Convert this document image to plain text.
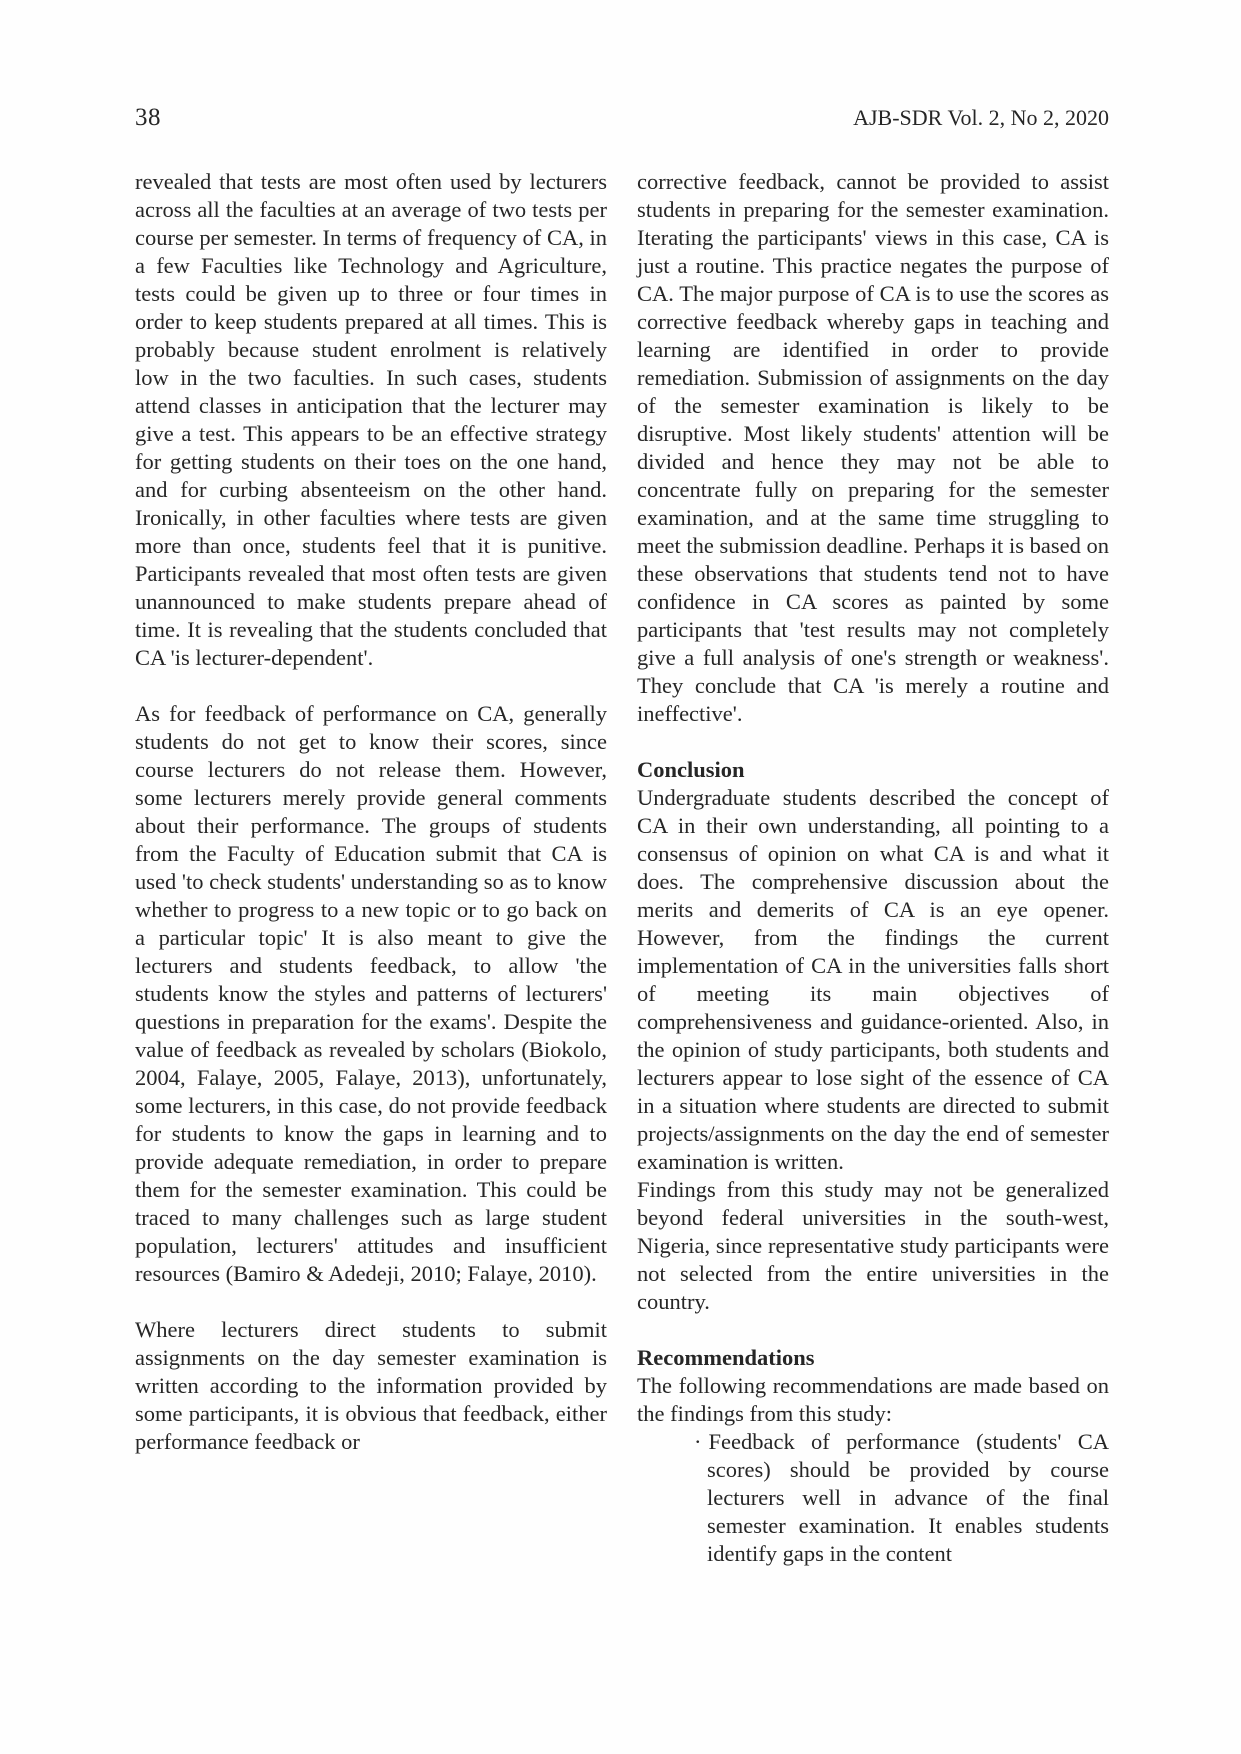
38	AJB-SDR Vol. 2, No 2, 2020

revealed that tests are most often used by lecturers across all the faculties at an average of two tests per course per semester. In terms of frequency of CA, in a few Faculties like Technology and Agriculture, tests could be given up to three or four times in order to keep students prepared at all times. This is probably because student enrolment is relatively low in the two faculties. In such cases, students attend classes in anticipation that the lecturer may give a test. This appears to be an effective strategy for getting students on their toes on the one hand, and for curbing absenteeism on the other hand. Ironically, in other faculties where tests are given more than once, students feel that it is punitive. Participants revealed that most often tests are given unannounced to make students prepare ahead of time. It is revealing that the students concluded that CA 'is lecturer-dependent'.

As for feedback of performance on CA, generally students do not get to know their scores, since course lecturers do not release them. However, some lecturers merely provide general comments about their performance. The groups of students from the Faculty of Education submit that CA is used 'to check students' understanding so as to know whether to progress to a new topic or to go back on a particular topic' It is also meant to give the lecturers and students feedback, to allow 'the students know the styles and patterns of lecturers' questions in preparation for the exams'. Despite the value of feedback as revealed by scholars (Biokolo, 2004, Falaye, 2005, Falaye, 2013), unfortunately, some lecturers, in this case, do not provide feedback for students to know the gaps in learning and to provide adequate remediation, in order to prepare them for the semester examination. This could be traced to many challenges such as large student population, lecturers' attitudes and insufficient resources (Bamiro & Adedeji, 2010; Falaye, 2010).

Where lecturers direct students to submit assignments on the day semester examination is written according to the information provided by some participants, it is obvious that feedback, either performance feedback or

corrective feedback, cannot be provided to assist students in preparing for the semester examination. Iterating the participants' views in this case, CA is just a routine. This practice negates the purpose of CA. The major purpose of CA is to use the scores as corrective feedback whereby gaps in teaching and learning are identified in order to provide remediation. Submission of assignments on the day of the semester examination is likely to be disruptive. Most likely students' attention will be divided and hence they may not be able to concentrate fully on preparing for the semester examination, and at the same time struggling to meet the submission deadline. Perhaps it is based on these observations that students tend not to have confidence in CA scores as painted by some participants that 'test results may not completely give a full analysis of one's strength or weakness'. They conclude that CA 'is merely a routine and ineffective'.

Conclusion

Undergraduate students described the concept of CA in their own understanding, all pointing to a consensus of opinion on what CA is and what it does. The comprehensive discussion about the merits and demerits of CA is an eye opener. However, from the findings the current implementation of CA in the universities falls short of meeting its main objectives of comprehensiveness and guidance-oriented. Also, in the opinion of study participants, both students and lecturers appear to lose sight of the essence of CA in a situation where students are directed to submit projects/assignments on the day the end of semester examination is written.

Findings from this study may not be generalized beyond federal universities in the south-west, Nigeria, since representative study participants were not selected from the entire universities in the country.

Recommendations

The following recommendations are made based on the findings from this study:

· Feedback of performance (students' CA scores) should be provided by course lecturers well in advance of the final semester examination. It enables students identify gaps in the content
